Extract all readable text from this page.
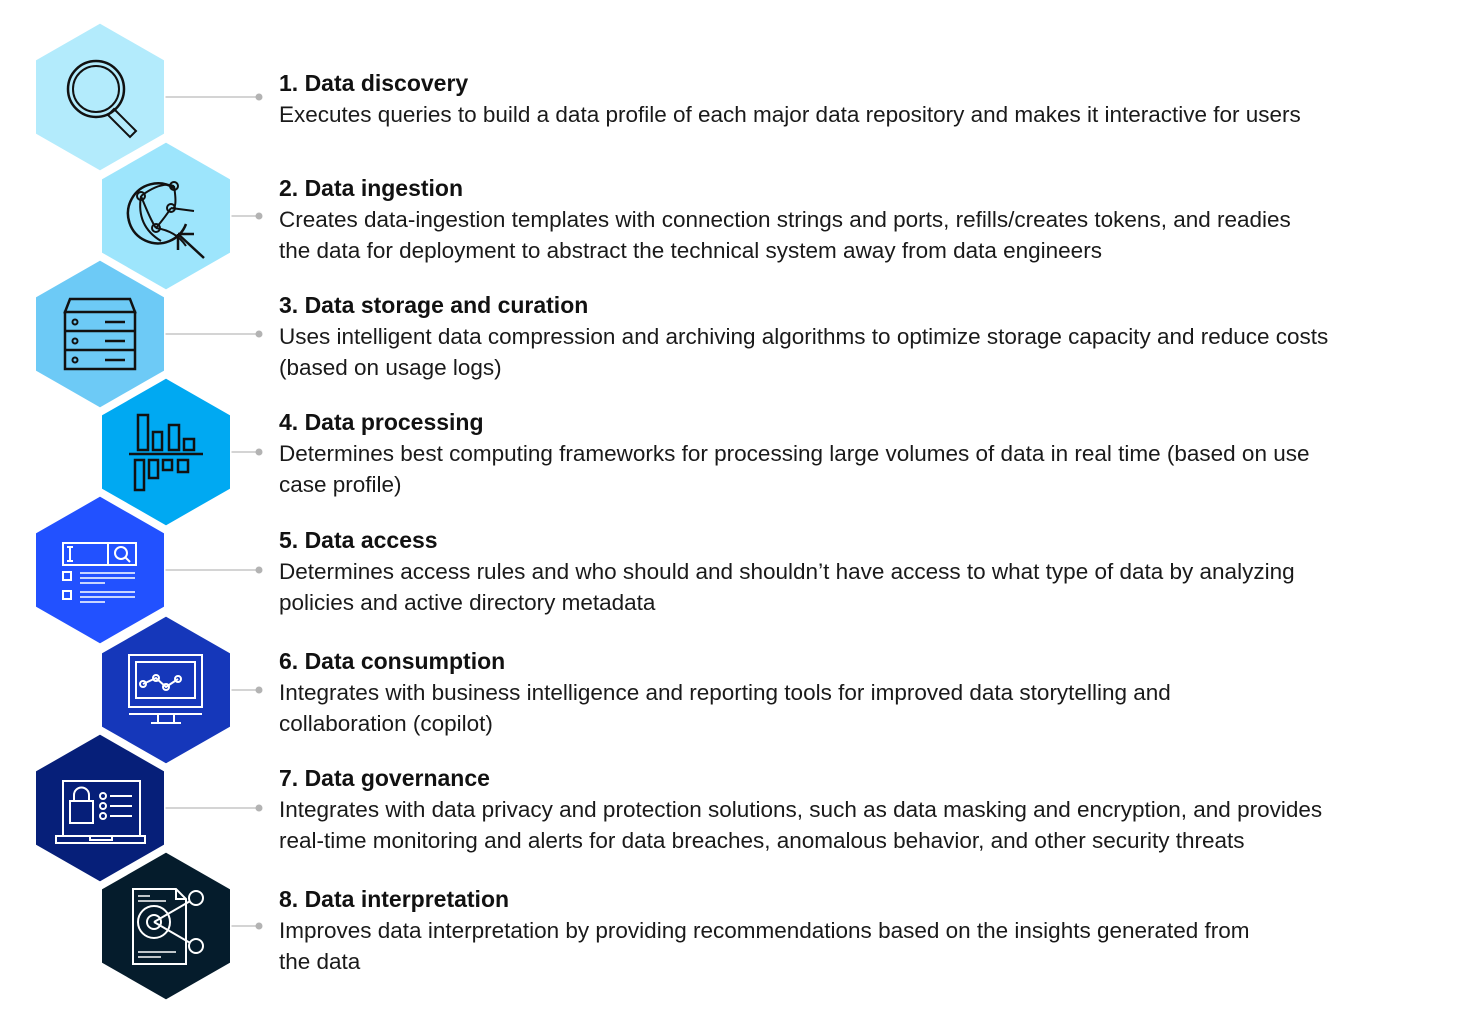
1. Data discovery
Executes queries to build a data profile of each major data repository and makes it interactive for users
2. Data ingestion
Creates data-ingestion templates with connection strings and ports, refills/creates tokens, and readies
the data for deployment to abstract the technical system away from data engineers
3. Data storage and curation
Uses intelligent data compression and archiving algorithms to optimize storage capacity and reduce costs
(based on usage logs)
4. Data processing
Determines best computing frameworks for processing large volumes of data in real time (based on use
case profile)
5. Data access
Determines access rules and who should and shouldn’t have access to what type of data by analyzing
policies and active directory metadata
6. Data consumption
Integrates with business intelligence and reporting tools for improved data storytelling and
collaboration (copilot)
7. Data governance
Integrates with data privacy and protection solutions, such as data masking and encryption, and provides
real-time monitoring and alerts for data breaches, anomalous behavior, and other security threats
8. Data interpretation
Improves data interpretation by providing recommendations based on the insights generated from
the data
